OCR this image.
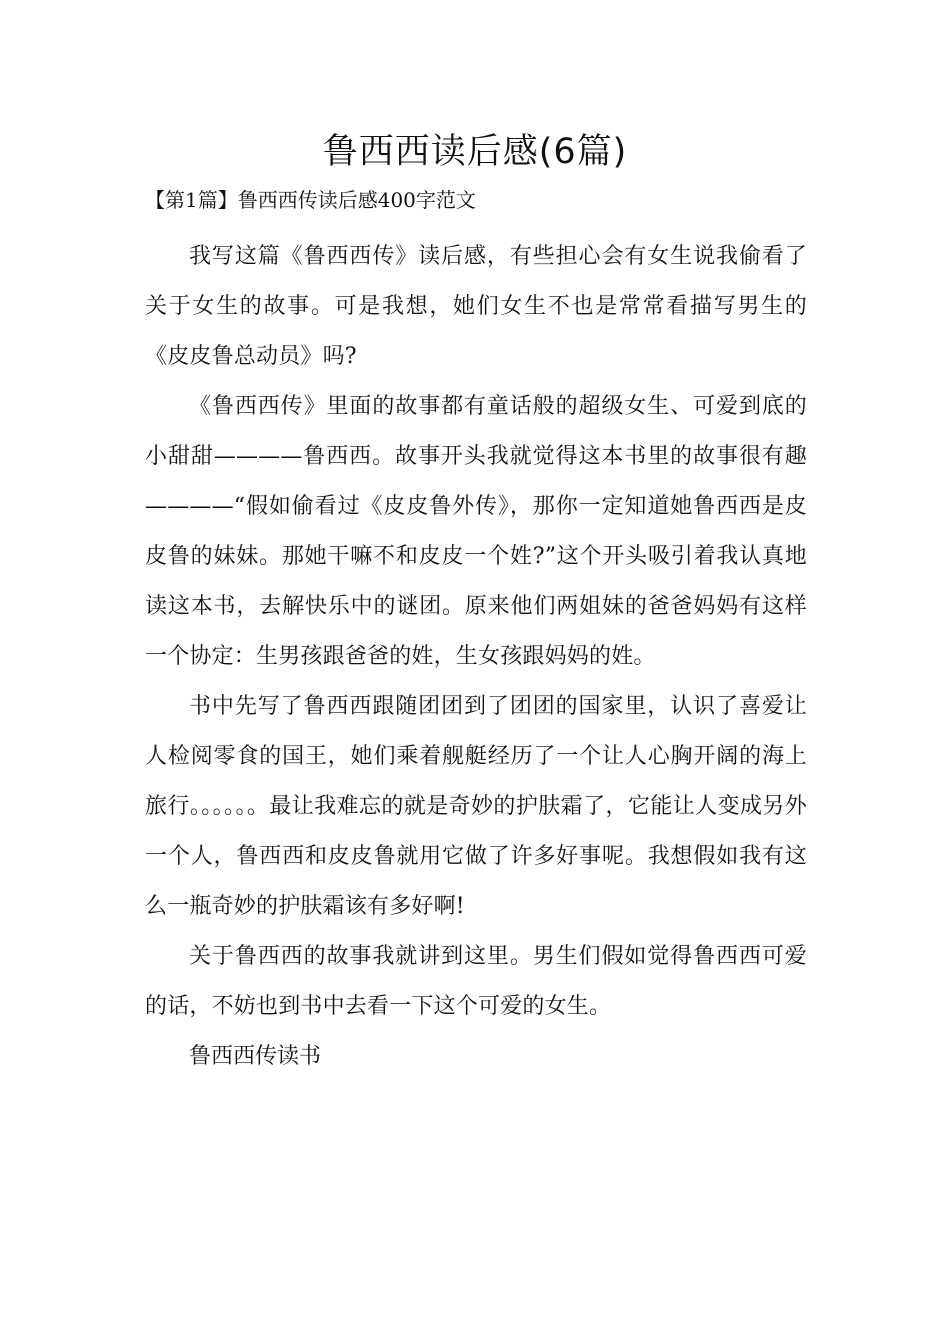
鲁西西读后感(6篇)
【第1篇】鲁西西传读后感400字范文

我写这篇《鲁西西传》读后感，有些担心会有女生说我偷看了关于女生的故事。可是我想，她们女生不也是常常看描写男生的《皮皮鲁总动员》吗?

《鲁西西传》里面的故事都有童话般的超级女生、可爱到底的小甜甜————鲁西西。故事开头我就觉得这本书里的故事很有趣————“假如偷看过《皮皮鲁外传》，那你一定知道她鲁西西是皮皮鲁的妹妹。那她干嘛不和皮皮一个姓?”这个开头吸引着我认真地读这本书，去解快乐中的谜团。原来他们两姐妹的爸爸妈妈有这样一个协定：生男孩跟爸爸的姓，生女孩跟妈妈的姓。

书中先写了鲁西西跟随团团到了团团的国家里，认识了喜爱让人检阅零食的国王，她们乘着舰艇经历了一个让人心胸开阔的海上旅行。。。。。。最让我难忘的就是奇妙的护肤霜了，它能让人变成另外一个人，鲁西西和皮皮鲁就用它做了许多好事呢。我想假如我有这么一瓶奇妙的护肤霜该有多好啊!

关于鲁西西的故事我就讲到这里。男生们假如觉得鲁西西可爱的话，不妨也到书中去看一下这个可爱的女生。

鲁西西传读书
